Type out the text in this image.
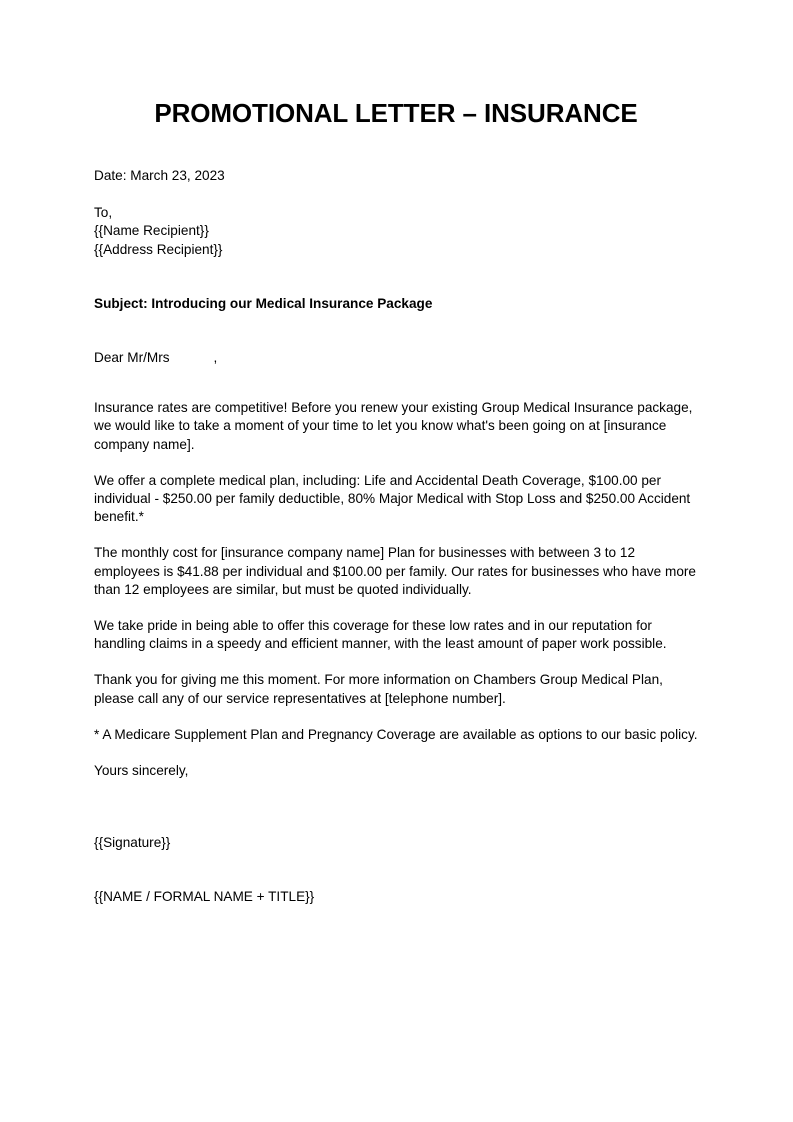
PROMOTIONAL LETTER – INSURANCE

Date: March 23, 2023

To,
{{Name Recipient}}
{{Address Recipient}}

Subject: Introducing our Medical Insurance Package

Dear Mr/Mrs	,

Insurance rates are competitive! Before you renew your existing Group Medical Insurance package, we would like to take a moment of your time to let you know what's been going on at [insurance company name].

We offer a complete medical plan, including: Life and Accidental Death Coverage, $100.00 per individual - $250.00 per family deductible, 80% Major Medical with Stop Loss and $250.00 Accident benefit.*

The monthly cost for [insurance company name] Plan for businesses with between 3 to 12 employees is $41.88 per individual and $100.00 per family. Our rates for businesses who have more than 12 employees are similar, but must be quoted individually.

We take pride in being able to offer this coverage for these low rates and in our reputation for handling claims in a speedy and efficient manner, with the least amount of paper work possible.

Thank you for giving me this moment. For more information on Chambers Group Medical Plan, please call any of our service representatives at [telephone number].

* A Medicare Supplement Plan and Pregnancy Coverage are available as options to our basic policy.

Yours sincerely,

{{Signature}}

{{NAME / FORMAL NAME + TITLE}}
